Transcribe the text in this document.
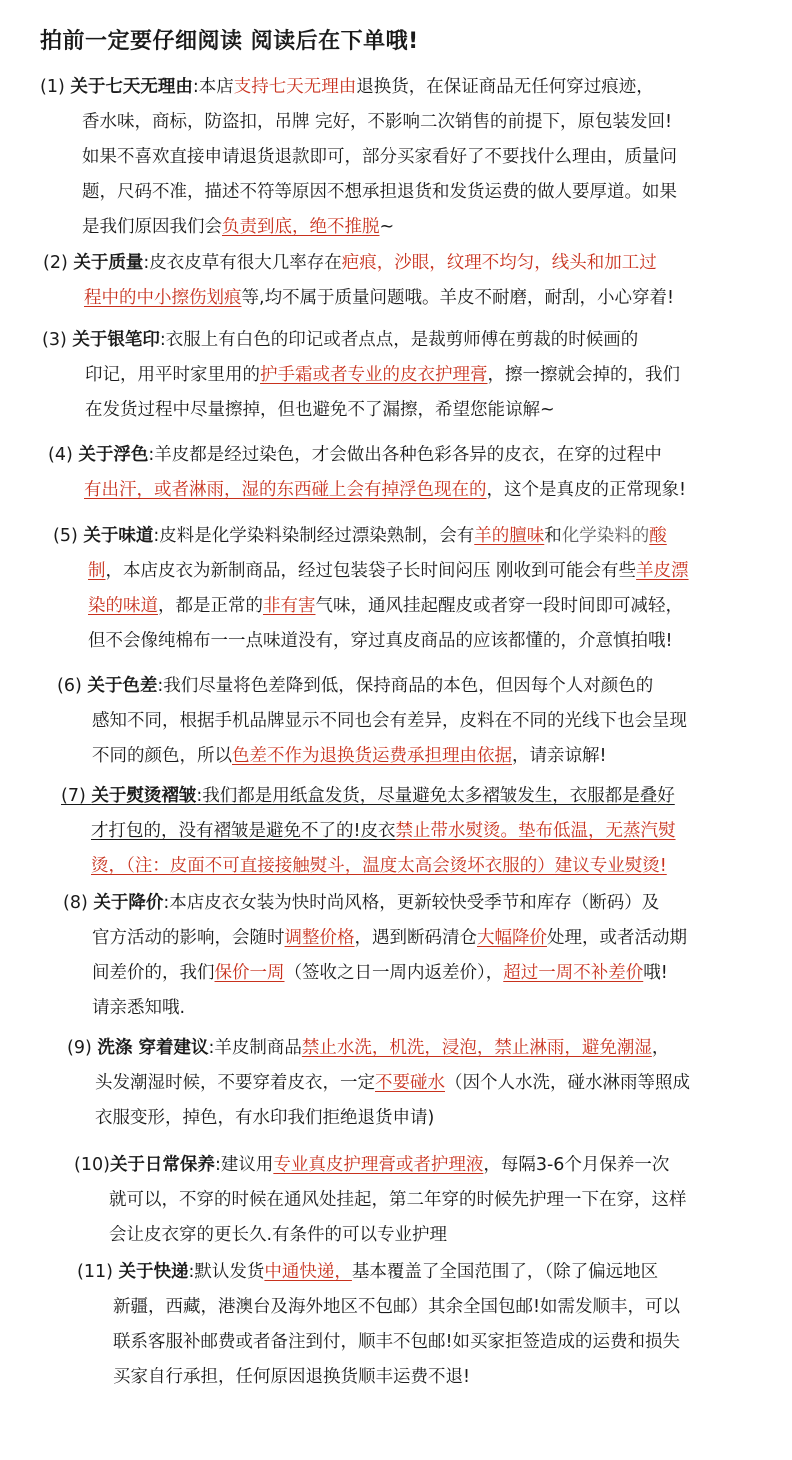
拍前一定要仔细阅读 阅读后在下单哦!
(1) 关于七天无理由:本店支持七天无理由退换货，在保证商品无任何穿过痕迹，
香水味，商标，防盗扣，吊牌 完好，不影响二次销售的前提下，原包装发回!
如果不喜欢直接申请退货退款即可，部分买家看好了不要找什么理由，质量问
题，尺码不准，描述不符等原因不想承担退货和发货运费的做人要厚道。如果
是我们原因我们会负责到底，绝不推脱~
(2) 关于质量:皮衣皮草有很大几率存在疤痕，沙眼，纹理不均匀，线头和加工过
程中的中小擦伤划痕等,均不属于质量问题哦。羊皮不耐磨，耐刮，小心穿着!
(3) 关于银笔印:衣服上有白色的印记或者点点，是裁剪师傅在剪裁的时候画的
印记，用平时家里用的护手霜或者专业的皮衣护理膏，擦一擦就会掉的，我们
在发货过程中尽量擦掉，但也避免不了漏擦，希望您能谅解~
(4) 关于浮色:羊皮都是经过染色，才会做出各种色彩各异的皮衣，在穿的过程中
有出汗，或者淋雨，湿的东西碰上会有掉浮色现在的，这个是真皮的正常现象!
(5) 关于味道:皮料是化学染料染制经过漂染熟制，会有羊的膻味和化学染料的酸
制，本店皮衣为新制商品，经过包装袋子长时间闷压 刚收到可能会有些羊皮漂
染的味道，都是正常的非有害气味，通风挂起醒皮或者穿一段时间即可减轻，
但不会像纯棉布一一点味道没有，穿过真皮商品的应该都懂的，介意慎拍哦!
(6) 关于色差:我们尽量将色差降到低，保持商品的本色，但因每个人对颜色的
感知不同，根据手机品牌显示不同也会有差异，皮料在不同的光线下也会呈现
不同的颜色，所以色差不作为退换货运费承担理由依据，请亲谅解!
(7) 关于熨烫褶皱:我们都是用纸盒发货，尽量避免太多褶皱发生，衣服都是叠好
才打包的，没有褶皱是避免不了的!皮衣禁止带水熨烫。垫布低温，无蒸汽熨
烫，（注：皮面不可直接接触熨斗，温度太高会烫坏衣服的）建议专业熨烫!
(8) 关于降价:本店皮衣女装为快时尚风格，更新较快受季节和库存（断码）及
官方活动的影响，会随时调整价格，遇到断码清仓大幅降价处理，或者活动期
间差价的，我们保价一周（签收之日一周内返差价），超过一周不补差价哦!
请亲悉知哦.
(9) 洗涤 穿着建议:羊皮制商品禁止水洗，机洗，浸泡，禁止淋雨，避免潮湿，
头发潮湿时候，不要穿着皮衣，一定不要碰水（因个人水洗，碰水淋雨等照成
衣服变形，掉色，有水印我们拒绝退货申请)
(10)关于日常保养:建议用专业真皮护理膏或者护理液，每隔3-6个月保养一次
就可以，不穿的时候在通风处挂起，第二年穿的时候先护理一下在穿，这样
会让皮衣穿的更长久.有条件的可以专业护理
(11) 关于快递:默认发货中通快递，基本覆盖了全国范围了，（除了偏远地区
新疆，西藏，港澳台及海外地区不包邮）其余全国包邮!如需发顺丰，可以
联系客服补邮费或者备注到付，顺丰不包邮!如买家拒签造成的运费和损失
买家自行承担，任何原因退换货顺丰运费不退!
